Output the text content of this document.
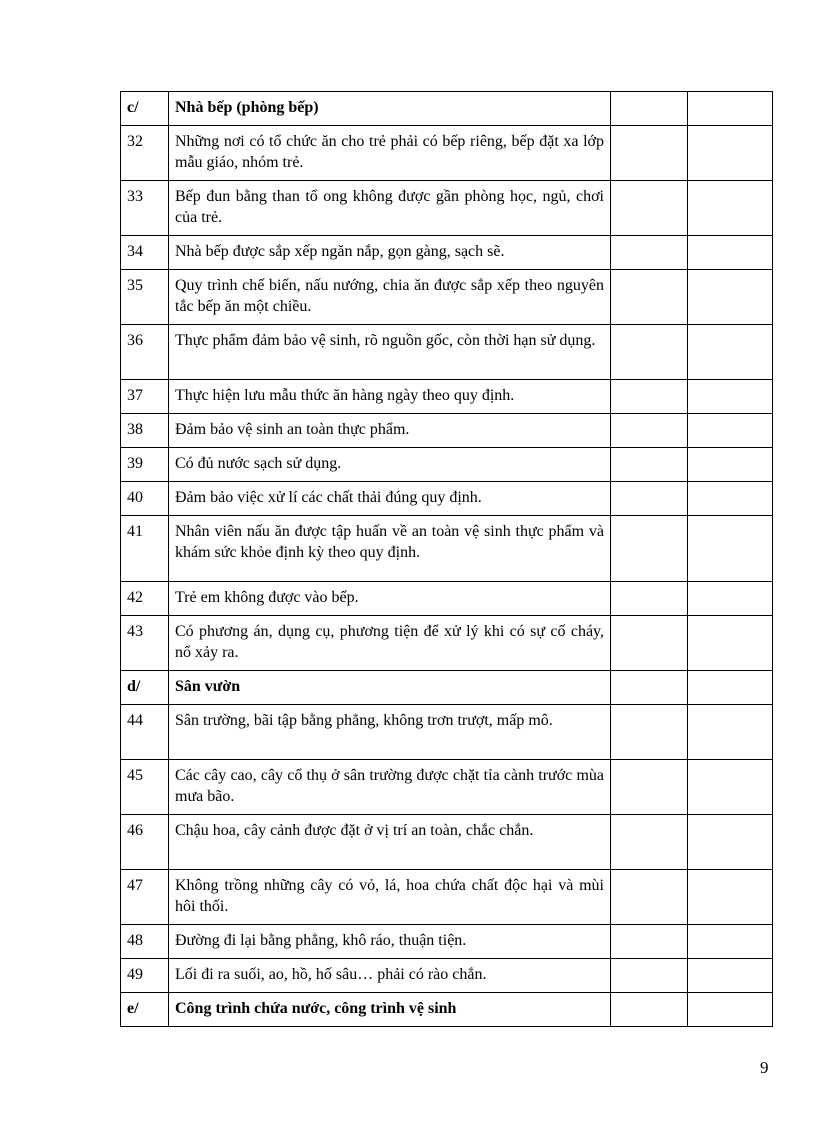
c/	Nhà bếp (phòng bếp)		
32	Những nơi có tổ chức ăn cho trẻ phải có bếp riêng, bếp đặt xa lớp mẫu giáo, nhóm trẻ.		
33	Bếp đun bằng than tổ ong không được gần phòng học, ngủ, chơi của trẻ.		
34	Nhà bếp được sắp xếp ngăn nắp, gọn gàng, sạch sẽ.		
35	Quy trình chế biến, nấu nướng, chia ăn được sắp xếp theo nguyên tắc bếp ăn một chiều.		
36	Thực phẩm đảm bảo vệ sinh, rõ nguồn gốc, còn thời hạn sử dụng.		
37	Thực hiện lưu mẫu thức ăn hàng ngày theo quy định.		
38	Đảm bảo vệ sinh an toàn thực phẩm.		
39	Có đủ nước sạch sử dụng.		
40	Đảm bảo việc xử lí các chất thải đúng quy định.		
41	Nhân viên nấu ăn được tập huấn về an toàn vệ sinh thực phẩm và khám sức khỏe định kỳ theo quy định.		
42	Trẻ em không được vào bếp.		
43	Có phương án, dụng cụ, phương tiện để xử lý khi có sự cố cháy, nổ xảy ra.		
d/	Sân vườn		
44	Sân trường, bãi tập bằng phẳng, không trơn trượt, mấp mô.		
45	Các cây cao, cây cổ thụ ở sân trường được chặt tỉa cành trước mùa mưa bão.		
46	Chậu hoa, cây cảnh được đặt ở vị trí an toàn, chắc chắn.		
47	Không trồng những cây có vỏ, lá, hoa chứa chất độc hại và mùi hôi thối.		
48	Đường đi lại bằng phẳng, khô ráo, thuận tiện.		
49	Lối đi ra suối, ao, hồ, hố sâu… phải có rào chắn.		
e/	Công trình chứa nước, công trình vệ sinh		
9
